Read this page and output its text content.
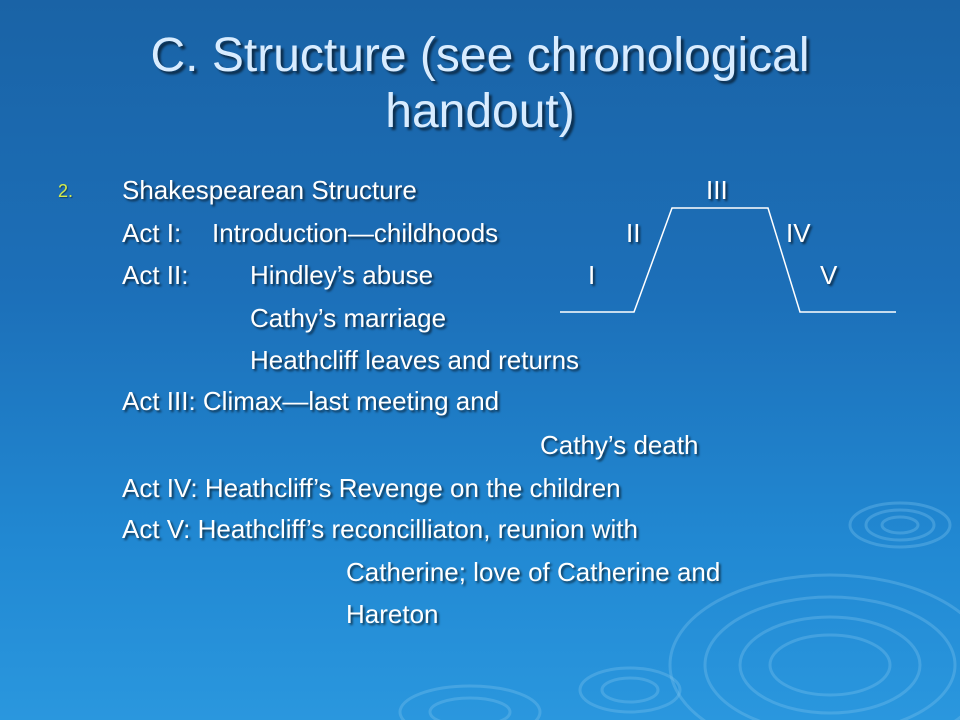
C. Structure (see chronological
handout)
2. Shakespearean Structure
Act I: Introduction—childhoods
Act II: Hindley’s abuse
Cathy’s marriage
Heathcliff leaves and returns
Act III: Climax—last meeting and
Cathy’s death
Act IV: Heathcliff’s Revenge on the children
Act V: Heathcliff’s reconcilliaton, reunion with
Catherine; love of Catherine and
Hareton
I
II
III
IV
V
